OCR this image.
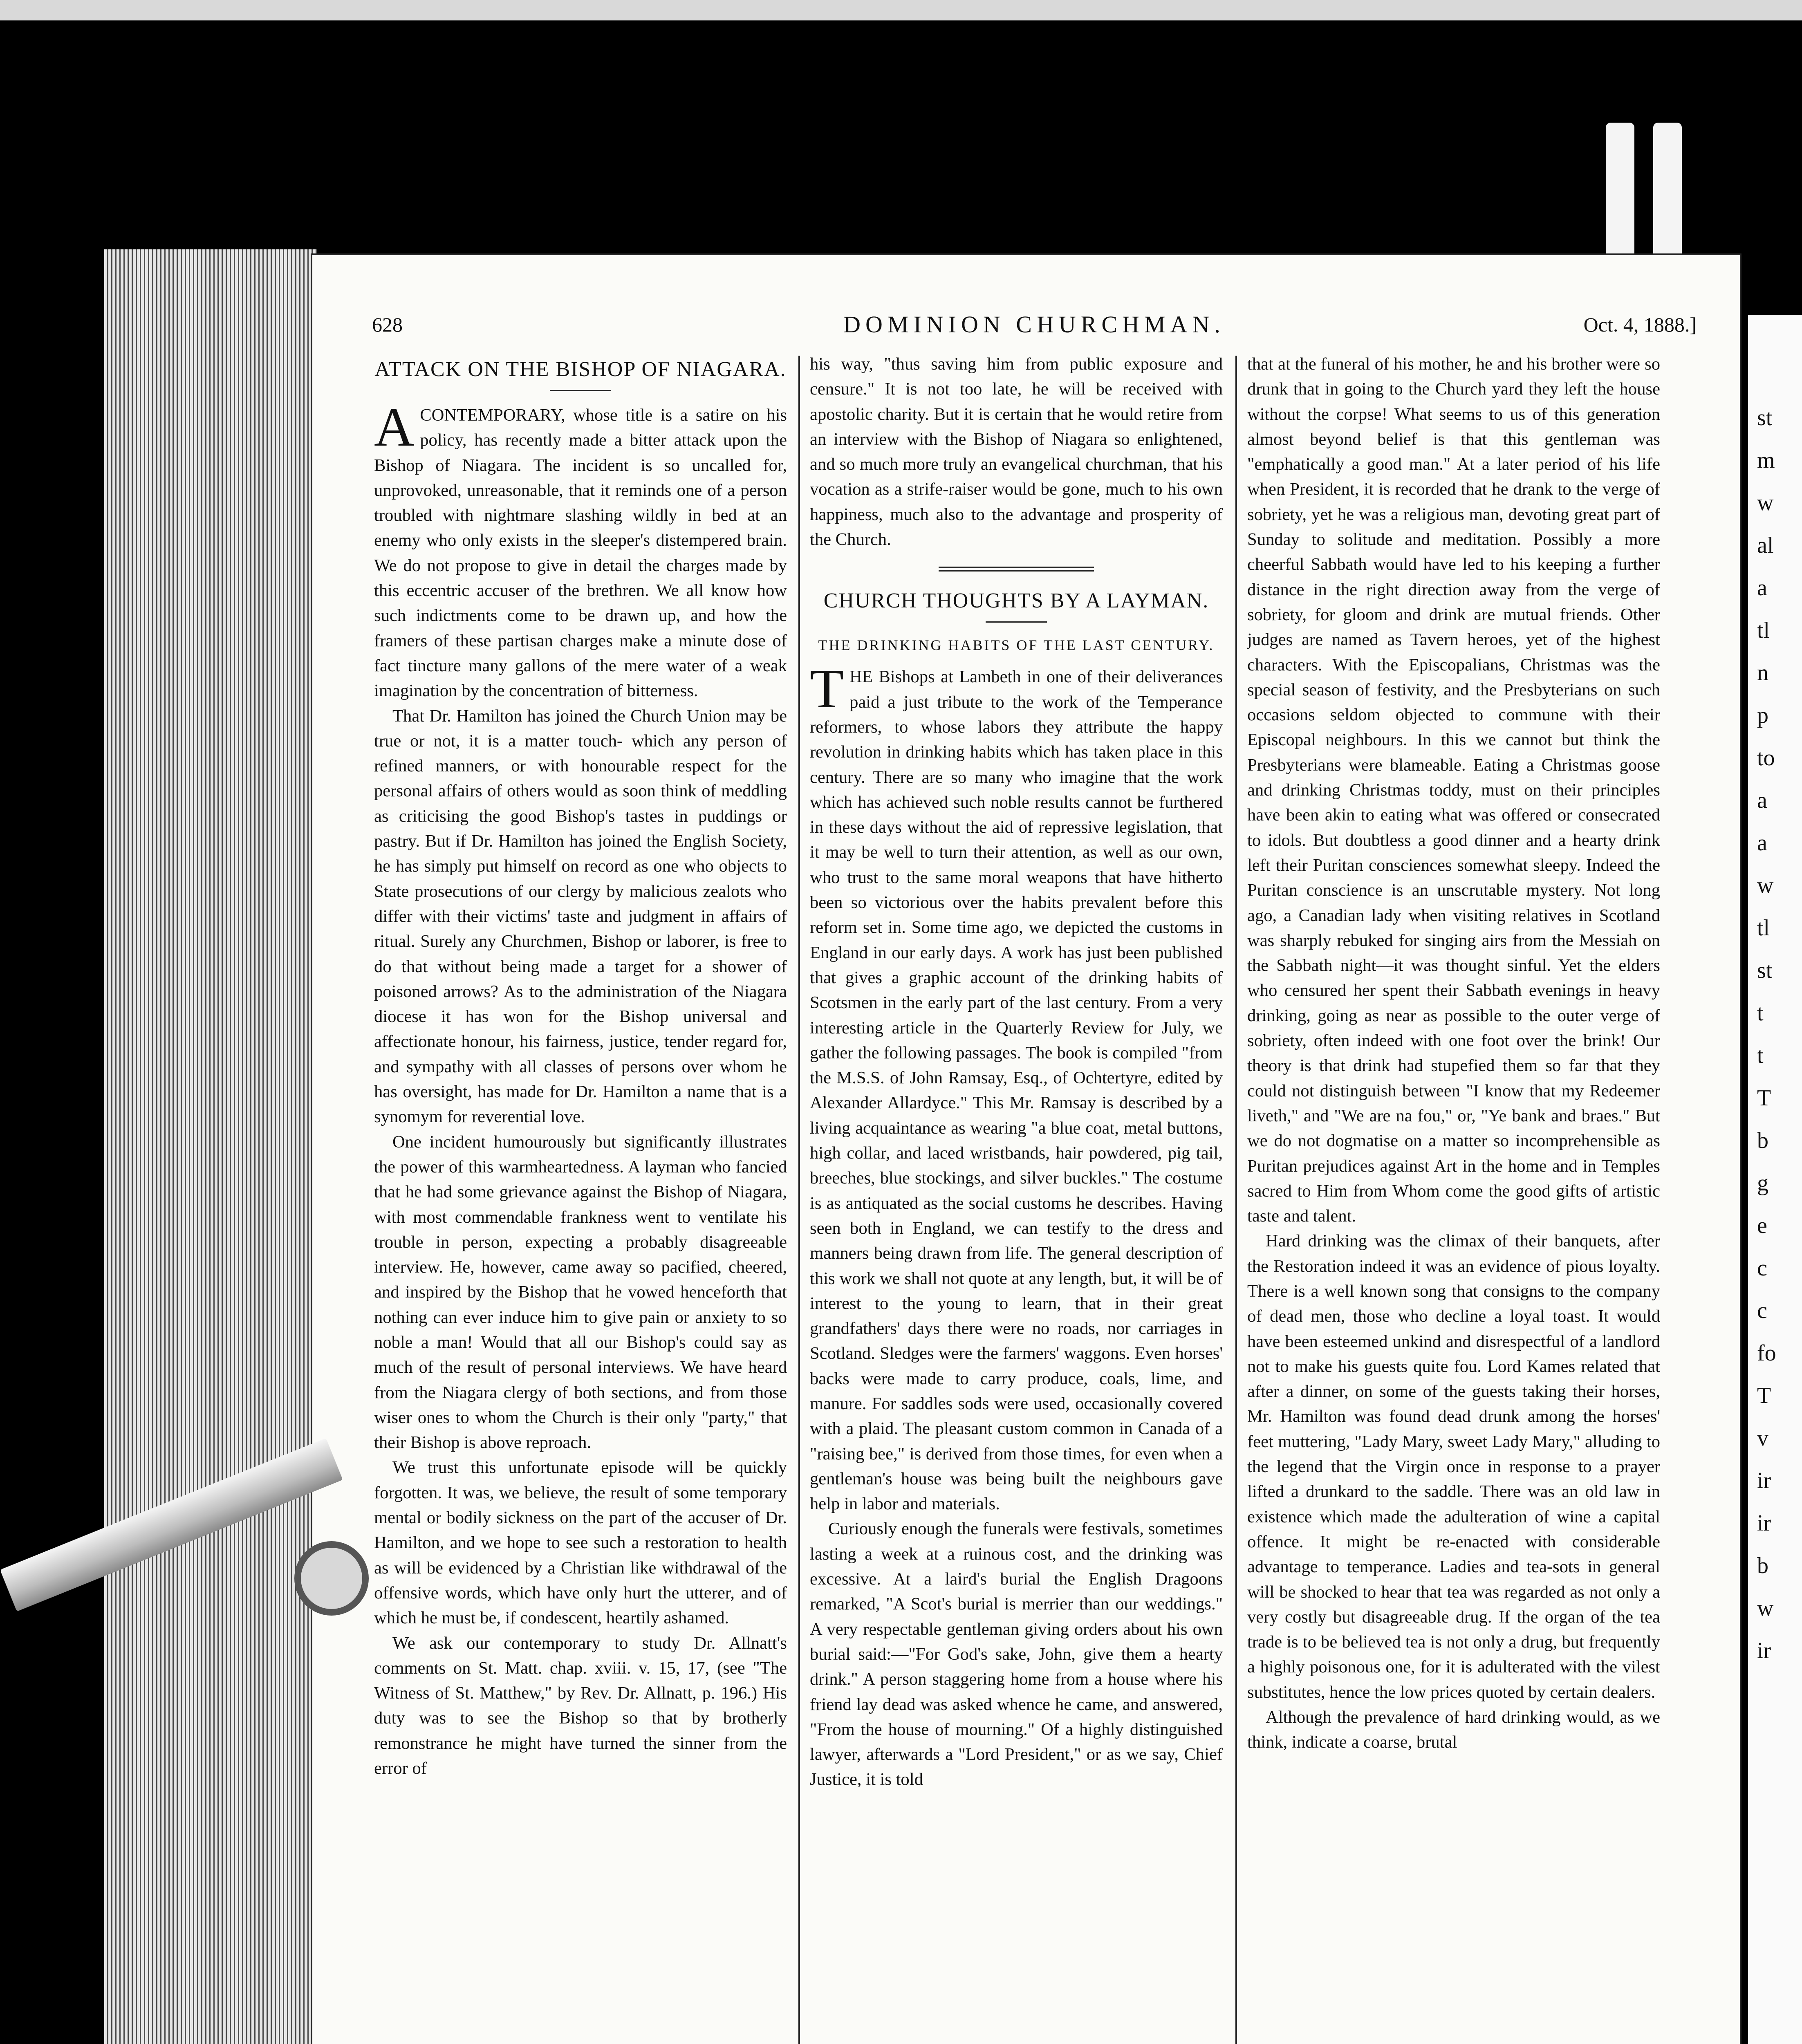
st
m
w
al
a
tl
n
p
to
a
a
w
tl
st
t
t
T
b
g
e
c
c
fo
T
v
ir
ir
b
w
ir
628	DOMINION CHURCHMAN.	Oct. 4, 1888.]
ATTACK ON THE BISHOP OF NIAGARA.

ACONTEMPORARY, whose title is a satire on his policy, has recently made a bitter attack upon the Bishop of Niagara. The incident is so uncalled for, unprovoked, unreasonable, that it reminds one of a person troubled with nightmare slashing wildly in bed at an enemy who only exists in the sleeper's distempered brain. We do not propose to give in detail the charges made by this eccentric accuser of the brethren. We all know how such indictments come to be drawn up, and how the framers of these partisan charges make a minute dose of fact tincture many gallons of the mere water of a weak imagination by the concentration of bitterness.

That Dr. Hamilton has joined the Church Union may be true or not, it is a matter touch- which any person of refined manners, or with honourable respect for the personal affairs of others would as soon think of meddling as criticising the good Bishop's tastes in puddings or pastry. But if Dr. Hamilton has joined the English Society, he has simply put himself on record as one who objects to State prosecutions of our clergy by malicious zealots who differ with their victims' taste and judgment in affairs of ritual. Surely any Churchmen, Bishop or laborer, is free to do that without being made a target for a shower of poisoned arrows? As to the administration of the Niagara diocese it has won for the Bishop universal and affectionate honour, his fairness, justice, tender regard for, and sympathy with all classes of persons over whom he has oversight, has made for Dr. Hamilton a name that is a synomym for reverential love.

One incident humourously but significantly illustrates the power of this warmheartedness. A layman who fancied that he had some grievance against the Bishop of Niagara, with most commendable frankness went to ventilate his trouble in person, expecting a probably disagreeable interview. He, however, came away so pacified, cheered, and inspired by the Bishop that he vowed henceforth that nothing can ever induce him to give pain or anxiety to so noble a man! Would that all our Bishop's could say as much of the result of personal interviews. We have heard from the Niagara clergy of both sections, and from those wiser ones to whom the Church is their only "party," that their Bishop is above reproach.

We trust this unfortunate episode will be quickly forgotten. It was, we believe, the result of some temporary mental or bodily sickness on the part of the accuser of Dr. Hamilton, and we hope to see such a restoration to health as will be evidenced by a Christian like withdrawal of the offensive words, which have only hurt the utterer, and of which he must be, if condescent, heartily ashamed.

We ask our contemporary to study Dr. Allnatt's comments on St. Matt. chap. xviii. v. 15, 17, (see "The Witness of St. Matthew," by Rev. Dr. Allnatt, p. 196.) His duty was to see the Bishop so that by brotherly remonstrance he might have turned the sinner from the error of

his way, "thus saving him from public exposure and censure." It is not too late, he will be received with apostolic charity. But it is certain that he would retire from an interview with the Bishop of Niagara so enlightened, and so much more truly an evangelical churchman, that his vocation as a strife-raiser would be gone, much to his own happiness, much also to the advantage and prosperity of the Church.

CHURCH THOUGHTS BY A LAYMAN.
THE DRINKING HABITS OF THE LAST CENTURY.

THE Bishops at Lambeth in one of their deliverances paid a just tribute to the work of the Temperance reformers, to whose labors they attribute the happy revolution in drinking habits which has taken place in this century. There are so many who imagine that the work which has achieved such noble results cannot be furthered in these days without the aid of repressive legislation, that it may be well to turn their attention, as well as our own, who trust to the same moral weapons that have hitherto been so victorious over the habits prevalent before this reform set in. Some time ago, we depicted the customs in England in our early days. A work has just been published that gives a graphic account of the drinking habits of Scotsmen in the early part of the last century. From a very interesting article in the Quarterly Review for July, we gather the following passages. The book is compiled "from the M.S.S. of John Ramsay, Esq., of Ochtertyre, edited by Alexander Allardyce." This Mr. Ramsay is described by a living acquaintance as wearing "a blue coat, metal buttons, high collar, and laced wristbands, hair powdered, pig tail, breeches, blue stockings, and silver buckles." The costume is as antiquated as the social customs he describes. Having seen both in England, we can testify to the dress and manners being drawn from life. The general description of this work we shall not quote at any length, but, it will be of interest to the young to learn, that in their great grandfathers' days there were no roads, nor carriages in Scotland. Sledges were the farmers' waggons. Even horses' backs were made to carry produce, coals, lime, and manure. For saddles sods were used, occasionally covered with a plaid. The pleasant custom common in Canada of a "raising bee," is derived from those times, for even when a gentleman's house was being built the neighbours gave help in labor and materials.

Curiously enough the funerals were festivals, sometimes lasting a week at a ruinous cost, and the drinking was excessive. At a laird's burial the English Dragoons remarked, "A Scot's burial is merrier than our weddings." A very respectable gentleman giving orders about his own burial said:—"For God's sake, John, give them a hearty drink." A person staggering home from a house where his friend lay dead was asked whence he came, and answered, "From the house of mourning." Of a highly distinguished lawyer, afterwards a "Lord President," or as we say, Chief Justice, it is told

that at the funeral of his mother, he and his brother were so drunk that in going to the Church yard they left the house without the corpse! What seems to us of this generation almost beyond belief is that this gentleman was "emphatically a good man." At a later period of his life when President, it is recorded that he drank to the verge of sobriety, yet he was a religious man, devoting great part of Sunday to solitude and meditation. Possibly a more cheerful Sabbath would have led to his keeping a further distance in the right direction away from the verge of sobriety, for gloom and drink are mutual friends. Other judges are named as Tavern heroes, yet of the highest characters. With the Episcopalians, Christmas was the special season of festivity, and the Presbyterians on such occasions seldom objected to commune with their Episcopal neighbours. In this we cannot but think the Presbyterians were blameable. Eating a Christmas goose and drinking Christmas toddy, must on their principles have been akin to eating what was offered or consecrated to idols. But doubtless a good dinner and a hearty drink left their Puritan consciences somewhat sleepy. Indeed the Puritan conscience is an unscrutable mystery. Not long ago, a Canadian lady when visiting relatives in Scotland was sharply rebuked for singing airs from the Messiah on the Sabbath night—it was thought sinful. Yet the elders who censured her spent their Sabbath evenings in heavy drinking, going as near as possible to the outer verge of sobriety, often indeed with one foot over the brink! Our theory is that drink had stupefied them so far that they could not distinguish between "I know that my Redeemer liveth," and "We are na fou," or, "Ye bank and braes." But we do not dogmatise on a matter so incomprehensible as Puritan prejudices against Art in the home and in Temples sacred to Him from Whom come the good gifts of artistic taste and talent.

Hard drinking was the climax of their banquets, after the Restoration indeed it was an evidence of pious loyalty. There is a well known song that consigns to the company of dead men, those who decline a loyal toast. It would have been esteemed unkind and disrespectful of a landlord not to make his guests quite fou. Lord Kames related that after a dinner, on some of the guests taking their horses, Mr. Hamilton was found dead drunk among the horses' feet muttering, "Lady Mary, sweet Lady Mary," alluding to the legend that the Virgin once in response to a prayer lifted a drunkard to the saddle. There was an old law in existence which made the adulteration of wine a capital offence. It might be re-enacted with considerable advantage to temperance. Ladies and tea-sots in general will be shocked to hear that tea was regarded as not only a very costly but disagreeable drug. If the organ of the tea trade is to be believed tea is not only a drug, but frequently a highly poisonous one, for it is adulterated with the vilest substitutes, hence the low prices quoted by certain dealers.

Although the prevalence of hard drinking would, as we think, indicate a coarse, brutal
